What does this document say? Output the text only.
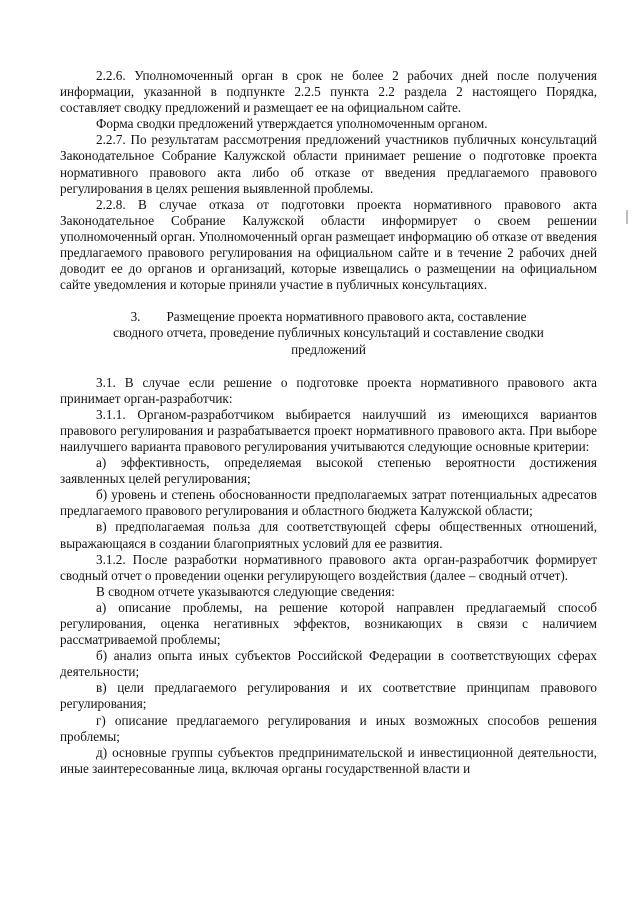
2.2.6. Уполномоченный орган в срок не более 2 рабочих дней после получения информации, указанной в подпункте 2.2.5 пункта 2.2 раздела 2 настоящего Порядка, составляет сводку предложений и размещает ее на официальном сайте.

Форма сводки предложений утверждается уполномоченным органом.

2.2.7. По результатам рассмотрения предложений участников публичных консультаций Законодательное Собрание Калужской области принимает решение о подготовке проекта нормативного правового акта либо об отказе от введения предлагаемого правового регулирования в целях решения выявленной проблемы.

2.2.8. В случае отказа от подготовки проекта нормативного правового акта Законодательное Собрание Калужской области информирует о своем решении уполномоченный орган. Уполномоченный орган размещает информацию об отказе от введения предлагаемого правового регулирования на официальном сайте и в течение 2 рабочих дней доводит ее до органов и организаций, которые извещались о размещении на официальном сайте уведомления и которые приняли участие в публичных консультациях.

3. Размещение проекта нормативного правового акта, составление
сводного отчета, проведение публичных консультаций и составление сводки
предложений

3.1. В случае если решение о подготовке проекта нормативного правового акта принимает орган-разработчик:

3.1.1. Органом-разработчиком выбирается наилучший из имеющихся вариантов правового регулирования и разрабатывается проект нормативного правового акта. При выборе наилучшего варианта правового регулирования учитываются следующие основные критерии:

а) эффективность, определяемая высокой степенью вероятности достижения заявленных целей регулирования;

б) уровень и степень обоснованности предполагаемых затрат потенциальных адресатов предлагаемого правового регулирования и областного бюджета Калужской области;

в) предполагаемая польза для соответствующей сферы общественных отношений, выражающаяся в создании благоприятных условий для ее развития.

3.1.2. После разработки нормативного правового акта орган-разработчик формирует сводный отчет о проведении оценки регулирующего воздействия (далее – сводный отчет).

В сводном отчете указываются следующие сведения:

а) описание проблемы, на решение которой направлен предлагаемый способ регулирования, оценка негативных эффектов, возникающих в связи с наличием рассматриваемой проблемы;

б) анализ опыта иных субъектов Российской Федерации в соответствующих сферах деятельности;

в) цели предлагаемого регулирования и их соответствие принципам правового регулирования;

г) описание предлагаемого регулирования и иных возможных способов решения проблемы;

д) основные группы субъектов предпринимательской и инвестиционной деятельности, иные заинтересованные лица, включая органы государственной власти и
